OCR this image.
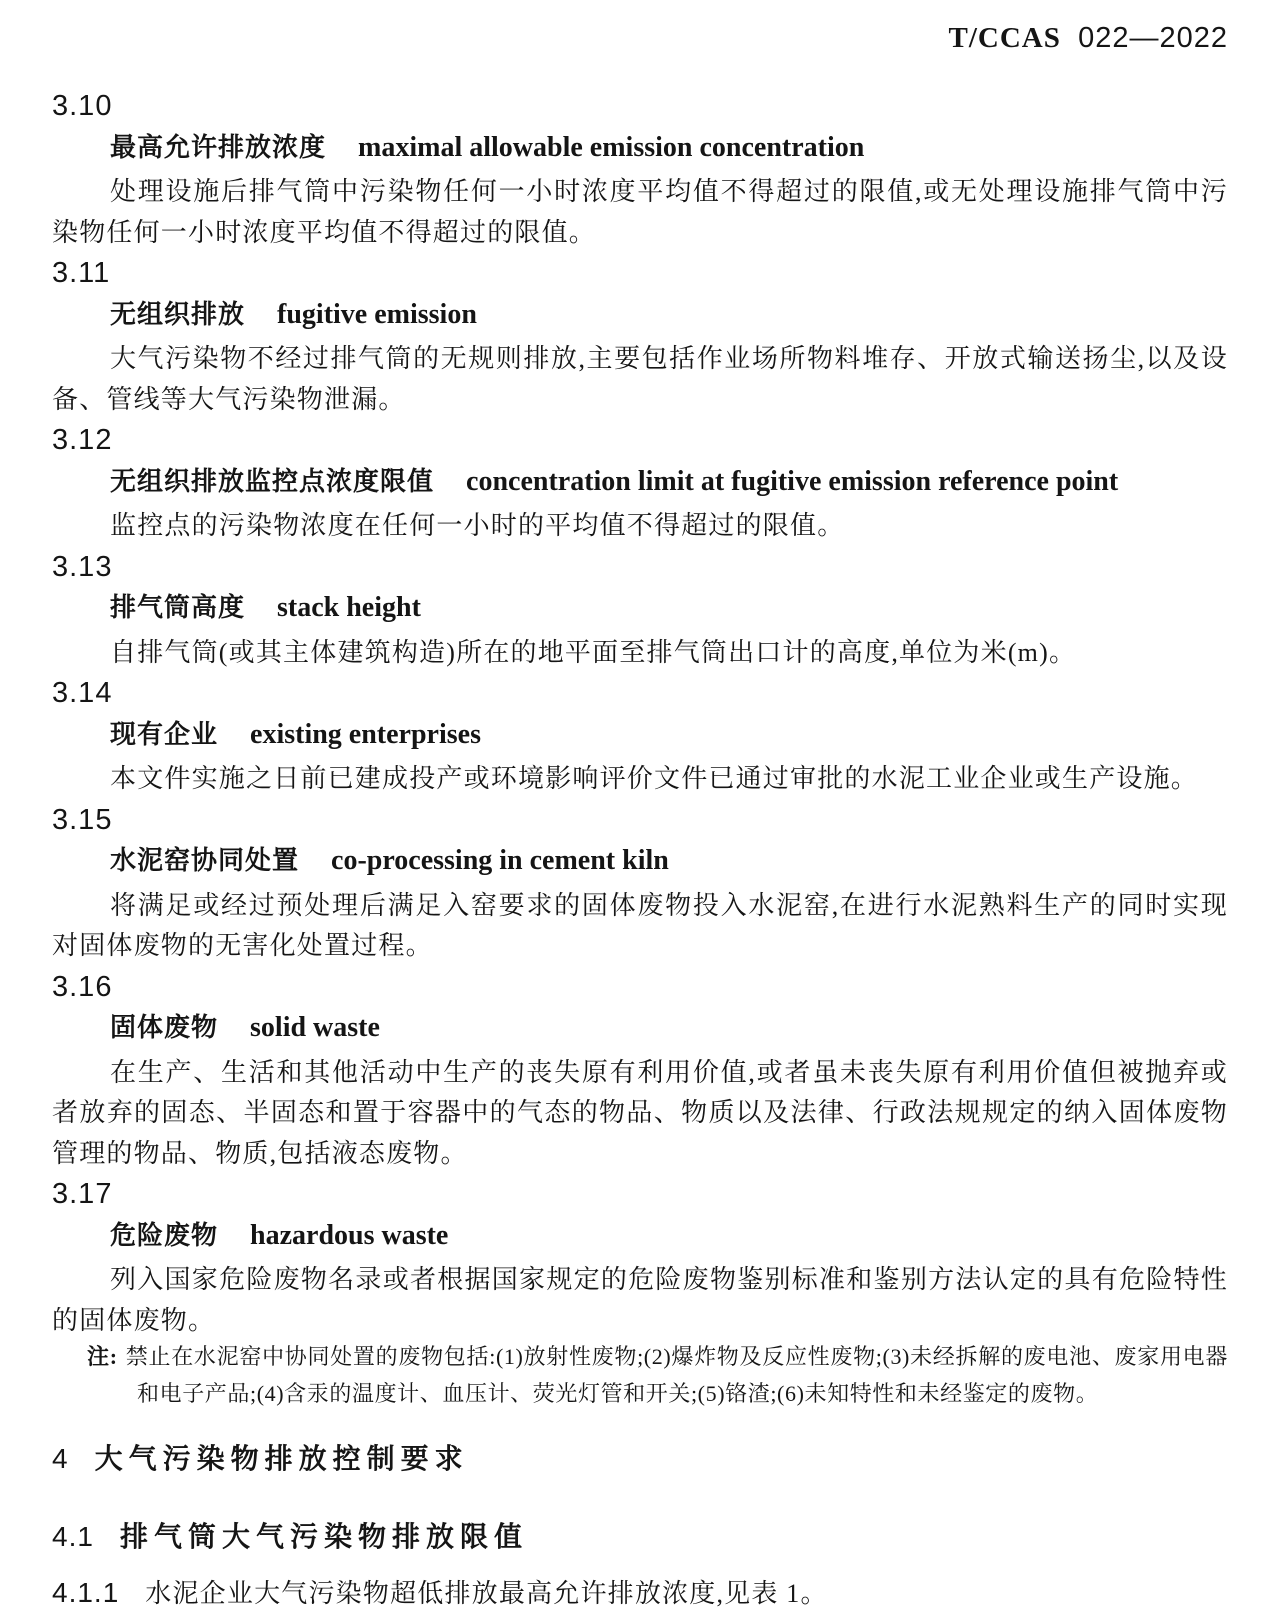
T/CCAS 022—2022
3.10
最高允许排放浓度 maximal allowable emission concentration

处理设施后排气筒中污染物任何一小时浓度平均值不得超过的限值,或无处理设施排气筒中污染物任何一小时浓度平均值不得超过的限值。

3.11
无组织排放 fugitive emission

大气污染物不经过排气筒的无规则排放,主要包括作业场所物料堆存、开放式输送扬尘,以及设备、管线等大气污染物泄漏。

3.12
无组织排放监控点浓度限值 concentration limit at fugitive emission reference point

监控点的污染物浓度在任何一小时的平均值不得超过的限值。

3.13
排气筒高度 stack height

自排气筒(或其主体建筑构造)所在的地平面至排气筒出口计的高度,单位为米(m)。

3.14
现有企业 existing enterprises

本文件实施之日前已建成投产或环境影响评价文件已通过审批的水泥工业企业或生产设施。

3.15
水泥窑协同处置 co-processing in cement kiln

将满足或经过预处理后满足入窑要求的固体废物投入水泥窑,在进行水泥熟料生产的同时实现对固体废物的无害化处置过程。

3.16
固体废物 solid waste

在生产、生活和其他活动中生产的丧失原有利用价值,或者虽未丧失原有利用价值但被抛弃或者放弃的固态、半固态和置于容器中的气态的物品、物质以及法律、行政法规规定的纳入固体废物管理的物品、物质,包括液态废物。

3.17
危险废物 hazardous waste

列入国家危险废物名录或者根据国家规定的危险废物鉴别标准和鉴别方法认定的具有危险特性的固体废物。

注: 禁止在水泥窑中协同处置的废物包括:(1)放射性废物;(2)爆炸物及反应性废物;(3)未经拆解的废电池、废家用电器和电子产品;(4)含汞的温度计、血压计、荧光灯管和开关;(5)铬渣;(6)未知特性和未经鉴定的废物。
4 大气污染物排放控制要求
4.1 排气筒大气污染物排放限值
4.1.1 水泥企业大气污染物超低排放最高允许排放浓度,见表 1。
